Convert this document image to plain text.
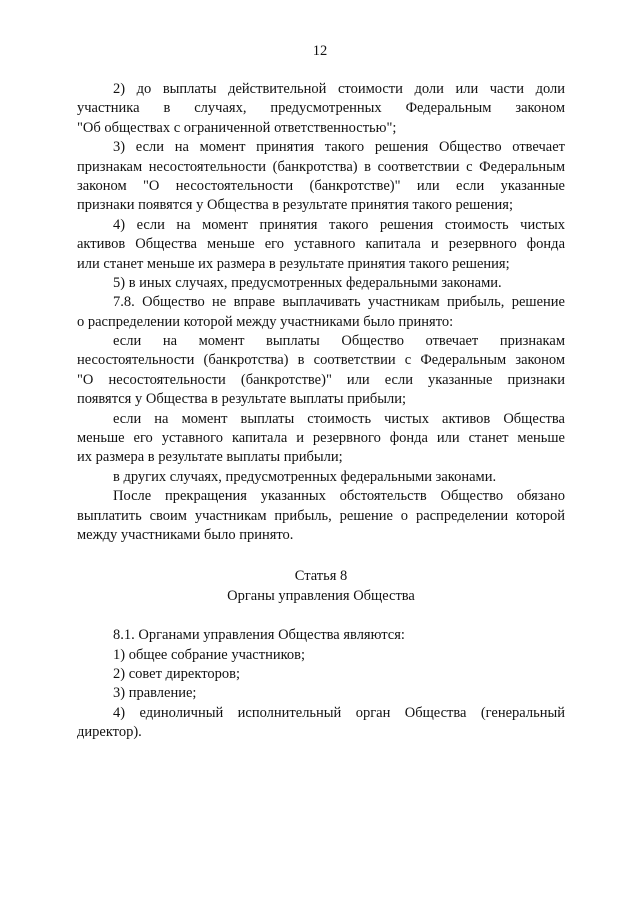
12
2) до выплаты действительной стоимости доли или части доли
участника в случаях, предусмотренных Федеральным законом
"Об обществах с ограниченной ответственностью";
3) если на момент принятия такого решения Общество отвечает
признакам несостоятельности (банкротства) в соответствии с Федеральным
законом "О несостоятельности (банкротстве)" или если указанные
признаки появятся у Общества в результате принятия такого решения;
4) если на момент принятия такого решения стоимость чистых
активов Общества меньше его уставного капитала и резервного фонда
или станет меньше их размера в результате принятия такого решения;
5) в иных случаях, предусмотренных федеральными законами.
7.8. Общество не вправе выплачивать участникам прибыль, решение
о распределении которой между участниками было принято:
если на момент выплаты Общество отвечает признакам
несостоятельности (банкротства) в соответствии с Федеральным законом
"О несостоятельности (банкротстве)" или если указанные признаки
появятся у Общества в результате выплаты прибыли;
если на момент выплаты стоимость чистых активов Общества
меньше его уставного капитала и резервного фонда или станет меньше
их размера в результате выплаты прибыли;
в других случаях, предусмотренных федеральными законами.
После прекращения указанных обстоятельств Общество обязано
выплатить своим участникам прибыль, решение о распределении которой
между участниками было принято.
Статья 8
Органы управления Общества
8.1. Органами управления Общества являются:
1) общее собрание участников;
2) совет директоров;
3) правление;
4) единоличный исполнительный орган Общества (генеральный
директор).
